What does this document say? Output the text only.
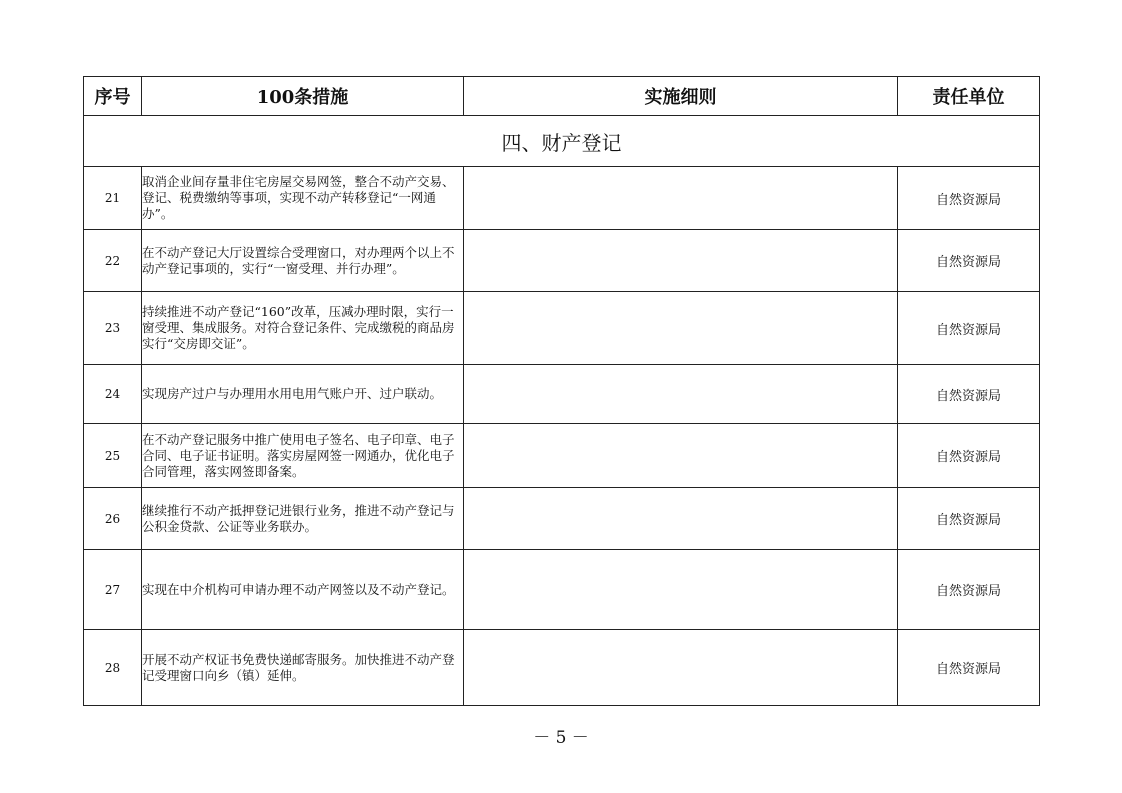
序号	100条措施	实施细则	责任单位
四、财产登记			
21	取消企业间存量非住宅房屋交易网签，整合不动产交易、登记、税费缴纳等事项，实现不动产转移登记“一网通办”。		自然资源局
22	在不动产登记大厅设置综合受理窗口，对办理两个以上不动产登记事项的，实行“一窗受理、并行办理”。		自然资源局
23	持续推进不动产登记“160”改革，压减办理时限，实行一窗受理、集成服务。对符合登记条件、完成缴税的商品房实行“交房即交证”。		自然资源局
24	实现房产过户与办理用水用电用气账户开、过户联动。		自然资源局
25	在不动产登记服务中推广使用电子签名、电子印章、电子合同、电子证书证明。落实房屋网签一网通办，优化电子合同管理，落实网签即备案。		自然资源局
26	继续推行不动产抵押登记进银行业务，推进不动产登记与公积金贷款、公证等业务联办。		自然资源局
27	实现在中介机构可申请办理不动产网签以及不动产登记。		自然资源局
28	开展不动产权证书免费快递邮寄服务。加快推进不动产登记受理窗口向乡（镇）延伸。		自然资源局
－ 5 －
